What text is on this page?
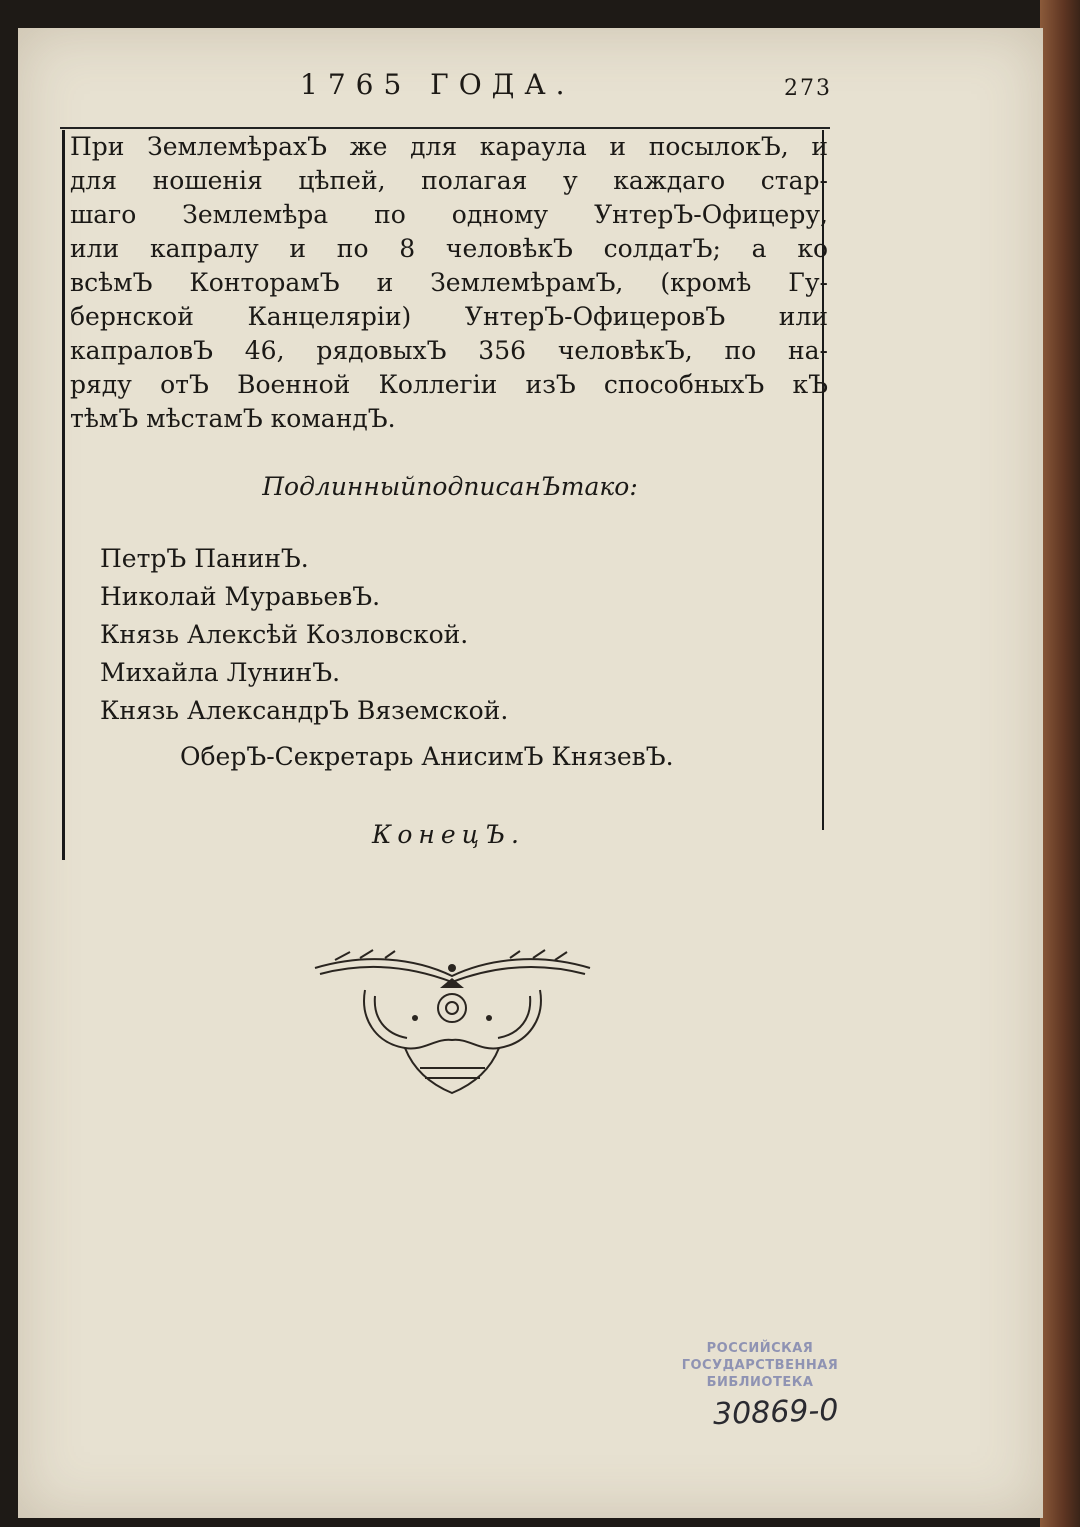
1765 ГОДА.	273
При ЗемлемѣрахЪ же для караула и посылокЪ, и
для ношенія цѣпей, полагая у каждаго стар-
шаго Землемѣра по одному УнтерЪ-Офицеру,
или капралу и по 8 человѣкЪ солдатЪ; а ко
всѣмЪ КонторамЪ и ЗемлемѣрамЪ, (кромѣ Гу-
бернской Канцеляріи) УнтерЪ-ОфицеровЪ или
капраловЪ 46, рядовыхЪ 356 человѣкЪ, по на-
ряду отЪ Военной Коллегіи изЪ способныхЪ кЪ
тѣмЪ мѣстамЪ командЪ.
ПодлинныйподписанЪтако:
ПетрЪ ПанинЪ.
Николай МуравьевЪ.
Князь Алексѣй Козловской.
Михайла ЛунинЪ.
Князь АлександрЪ Вяземской.
ОберЪ-Секретарь АнисимЪ КнязевЪ.
КонецЪ.
РОССИЙСКАЯ
ГОСУДАРСТВЕННАЯ
БИБЛИОТЕКА
30869-0
